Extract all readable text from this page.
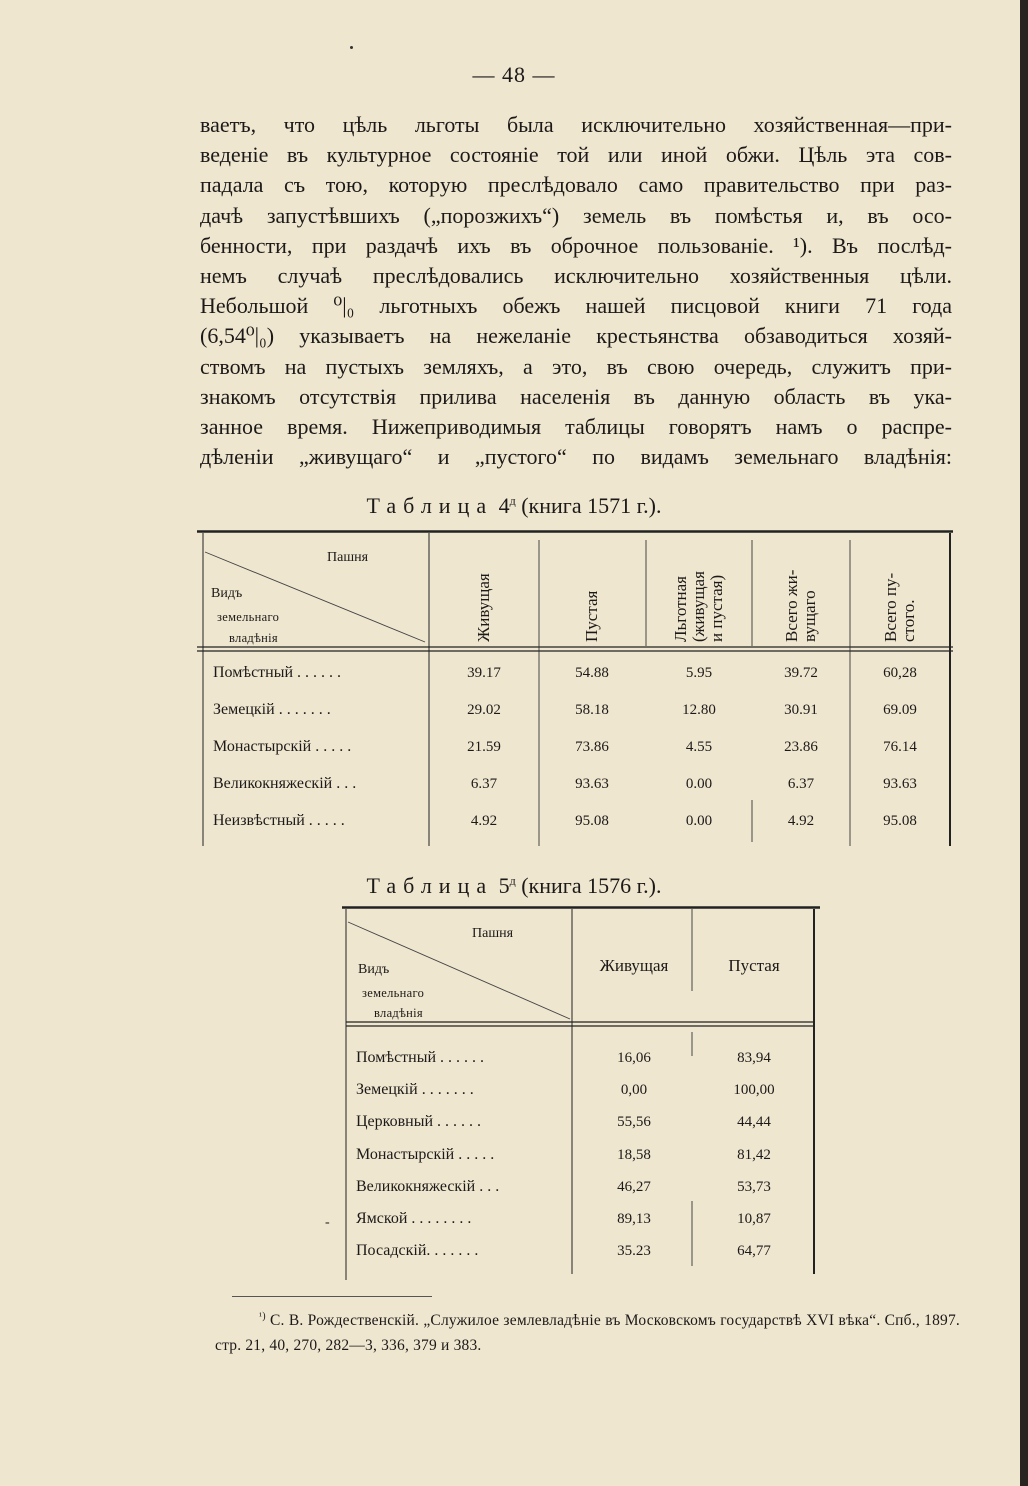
— 48 —

ваетъ, что цѣль льготы была исключительно хозяйственная—при-

веденіе въ культурное состояніе той или иной обжи. Цѣль эта сов-

падала съ тою, которую преслѣдовало само правительство при раз-

дачѣ запустѣвшихъ („порозжихъ“) земель въ помѣстья и, въ осо-

бенности, при раздачѣ ихъ въ оброчное пользованіе. ¹). Въ послѣд-

немъ случаѣ преслѣдовались исключительно хозяйственныя цѣли.

Небольшой ⁰|₀ льготныхъ обежъ нашей писцовой книги 71 года

(6,54⁰|₀) указываетъ на нежеланіе крестьянства обзаводиться хозяй-

ствомъ на пустыхъ земляхъ, а это, въ свою очередь, служитъ при-

знакомъ отсутствія прилива населенія въ данную область въ ука-

занное время. Нижеприводимыя таблицы говорятъ намъ о распре-

дѣленіи „живущаго“ и „пустого“ по видамъ земельнаго владѣнія:

Таблица $4^д$ (книга 1571 г.).
Пашня
Видъ
земельнаго
владѣнія	Живущая	Пустая	Льготная
(живущая
и пустая)	Всего жи-
вущаго	Всего пу-
стого.
Помѣстный . . . . . .	39.17	54.88	5.95	39.72	60,28
Земецкій . . . . . . .	29.02	58.18	12.80	30.91	69.09
Монастырскій . . . . .	21.59	73.86	4.55	23.86	76.14
Великокняжескій . . .	6.37	93.63	0.00	6.37	93.63
Неизвѣстный . . . . .	4.92	95.08	0.00	4.92	95.08
Таблица $5^д$ (книга 1576 г.).
Пашня
Видъ
земельнаго
владѣнія
Живущая	Пустая
Помѣстный . . . . . .	16,06	83,94
Земецкій . . . . . . .	0,00	100,00
Церковный . . . . . .	55,56	44,44
Монастырскій . . . . .	18,58	81,42
Великокняжескій . . .	46,27	53,73
Ямской . . . . . . . .	89,13	10,87
Посадскій. . . . . . .	35.23	64,77
-
$^{^1)}$ С. В. Рождественскій. „Служилое землевладѣніе въ Московскомъ государствѣ XVI вѣка“. Спб., 1897. стр. 21, 40, 270, 282—3, 336, 379 и 383.
